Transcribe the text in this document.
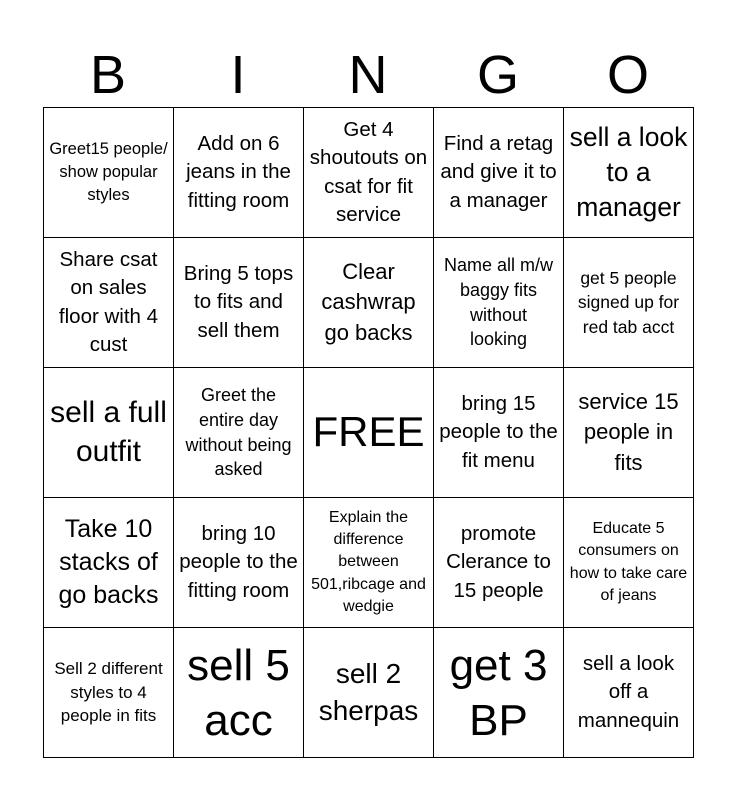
B	I	N	G	O
Greet15 people/ show popular styles
Add on 6 jeans in the fitting room
Get 4 shoutouts on csat for fit service
Find a retag and give it to a manager
sell a look to a manager
Share csat on sales floor with 4 cust
Bring 5 tops to fits and sell them
Clear cashwrap go backs
Name all m/w baggy fits without looking
get 5 people signed up for red tab acct
sell a full outfit
Greet the entire day without being asked
FREE
bring 15 people to the fit menu
service 15 people in fits
Take 10 stacks of go backs
bring 10 people to the fitting room
Explain the difference between 501,ribcage and wedgie
promote Clerance to 15 people
Educate 5 consumers on how to take care of jeans
Sell 2 different styles to 4 people in fits
sell 5 acc
sell 2 sherpas
get 3 BP
sell a look off a mannequin
